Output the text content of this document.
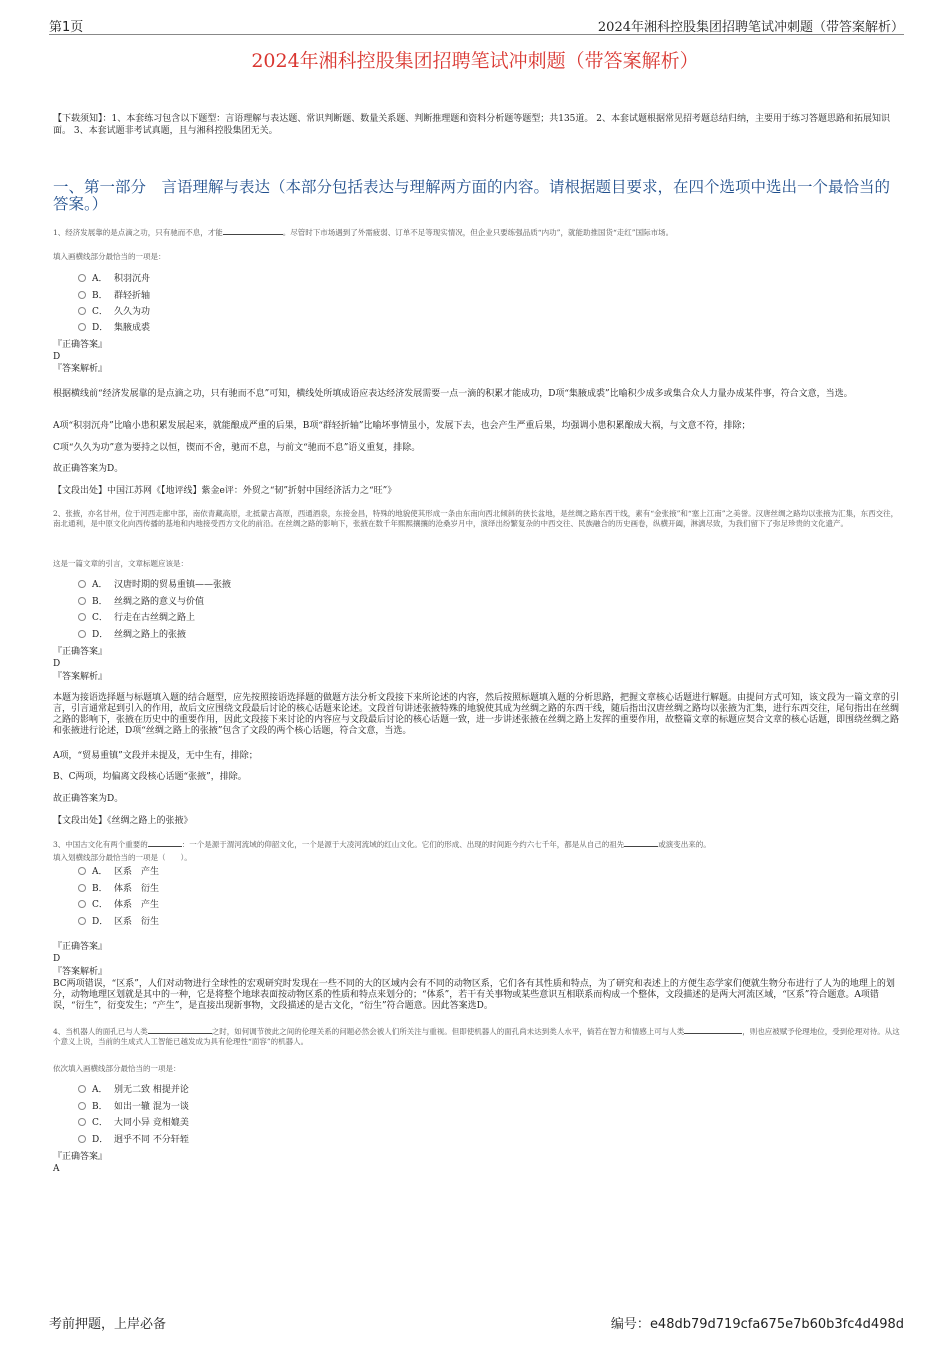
第1页	2024年湘科控股集团招聘笔试冲刺题（带答案解析）
2024年湘科控股集团招聘笔试冲刺题（带答案解析）
【下载须知】：1、本套练习包含以下题型：言语理解与表达题、常识判断题、数量关系题、判断推理题和资料分析题等题型；共135道。 2、本套试题根据常见招考题总结归纳，主要用于练习答题思路和拓展知识面。 3、本套试题非考试真题，且与湘科控股集团无关。
一、第一部分　言语理解与表达（本部分包括表达与理解两方面的内容。请根据题目要求，在四个选项中选出一个最恰当的答案。）
1、经济发展靠的是点滴之功，只有驰而不息，才能	。尽管时下市场遇到了外需疲弱、订单不足等现实情况，但企业只要练强品质“内功”，就能助推国货“走红”国际市场。
填入画横线部分最恰当的一项是：
A． 积羽沉舟
B． 群轻折轴
C． 久久为功
D． 集腋成裘
『正确答案』
D
『答案解析』
根据横线前“经济发展靠的是点滴之功，只有驰而不息”可知，横线处所填成语应表达经济发展需要一点一滴的积累才能成功，D项“集腋成裘”比喻积少成多或集合众人力量办成某件事，符合文意，当选。
A项“积羽沉舟”比喻小患积累发展起来，就能酿成严重的后果，B项“群轻折轴”比喻坏事情虽小，发展下去，也会产生严重后果，均强调小患积累酿成大祸，与文意不符，排除；
C项“久久为功”意为要持之以恒，锲而不舍，驰而不息，与前文“驰而不息”语义重复，排除。
故正确答案为D。
【文段出处】中国江苏网《【地评线】紫金e评：外贸之“韧”折射中国经济活力之“旺”》
2、张掖，亦名甘州，位于河西走廊中部，南依青藏高原，北抵蒙古高原，西通酒泉，东接金昌，特殊的地貌使其形成一条由东南向西北倾斜的狭长盆地，是丝绸之路东西干线，素有“金张掖”和“塞上江南”之美誉。汉唐丝绸之路均以张掖为汇集，东西交往，南北通利，是中原文化向西传播的基地和内地接受西方文化的前沿。在丝绸之路的影响下，张掖在数千年熙熙攘攘的沧桑岁月中，演绎出纷繁复杂的中西交往、民族融合的历史画卷，纵横开阖，淋漓尽致，为我们留下了弥足珍贵的文化遗产。
这是一篇文章的引言，文章标题应该是：
A． 汉唐时期的贸易重镇——张掖
B． 丝绸之路的意义与价值
C． 行走在古丝绸之路上
D． 丝绸之路上的张掖
『正确答案』
D
『答案解析』
本题为接语选择题与标题填入题的结合题型，应先按照接语选择题的做题方法分析文段接下来所论述的内容，然后按照标题填入题的分析思路，把握文章核心话题进行解题。由提问方式可知，该文段为一篇文章的引言，引言通常起到引入的作用，故后文应围绕文段最后讨论的核心话题来论述。文段首句讲述张掖特殊的地貌使其成为丝绸之路的东西干线，随后指出汉唐丝绸之路均以张掖为汇集，进行东西交往，尾句指出在丝绸之路的影响下，张掖在历史中的重要作用，因此文段接下来讨论的内容应与文段最后讨论的核心话题一致，进一步讲述张掖在丝绸之路上发挥的重要作用，故整篇文章的标题应契合文章的核心话题，即围绕丝绸之路和张掖进行论述，D项“丝绸之路上的张掖”包含了文段的两个核心话题，符合文意，当选。
A项，“贸易重镇”文段并未提及，无中生有，排除；
B、C两项，均偏离文段核心话题“张掖”，排除。
故正确答案为D。
【文段出处】《丝绸之路上的张掖》
3、中国古文化有两个重要的	：一个是源于渭河流域的仰韶文化，一个是源于大凌河流域的红山文化。它们的形成、出现的时间距今约六七千年，都是从自己的祖先	或演变出来的。
填入划横线部分最恰当的一项是（　　）。
A． 区系　产生
B． 体系　衍生
C． 体系　产生
D． 区系　衍生
『正确答案』
D
『答案解析』
BC两项错误，“区系”，人们对动物进行全球性的宏观研究时发现在一些不同的大的区域内会有不同的动物区系，它们各有其性质和特点，为了研究和表述上的方便生态学家们便就生物分布进行了人为的地理上的划分，动物地理区划就是其中的一种，它是将整个地球表面按动物区系的性质和特点来划分的；“体系”，若干有关事物或某些意识互相联系而构成一个整体，文段描述的是两大河流区域，“区系”符合题意。A项错误，“衍生”，衍变发生；“产生”，是直接出现新事物，文段描述的是古文化，“衍生”符合题意。因此答案选D。
4、当机器人的面孔已与人类	之时，如何调节彼此之间的伦理关系的问题必然会被人们所关注与重视。但即使机器人的面孔尚未达到类人水平，倘若在智力和情感上可与人类	，则也应被赋予伦理地位，受到伦理对待。从这个意义上说，当前的生成式人工智能已越发成为具有伦理性“面容”的机器人。
依次填入画横线部分最恰当的一项是：
A． 别无二致 相提并论
B． 如出一辙 混为一谈
C． 大同小异 竞相媲美
D． 迥乎不同 不分轩轾
『正确答案』
A
考前押题，上岸必备	编号：e48db79d719cfa675e7b60b3fc4d498d
